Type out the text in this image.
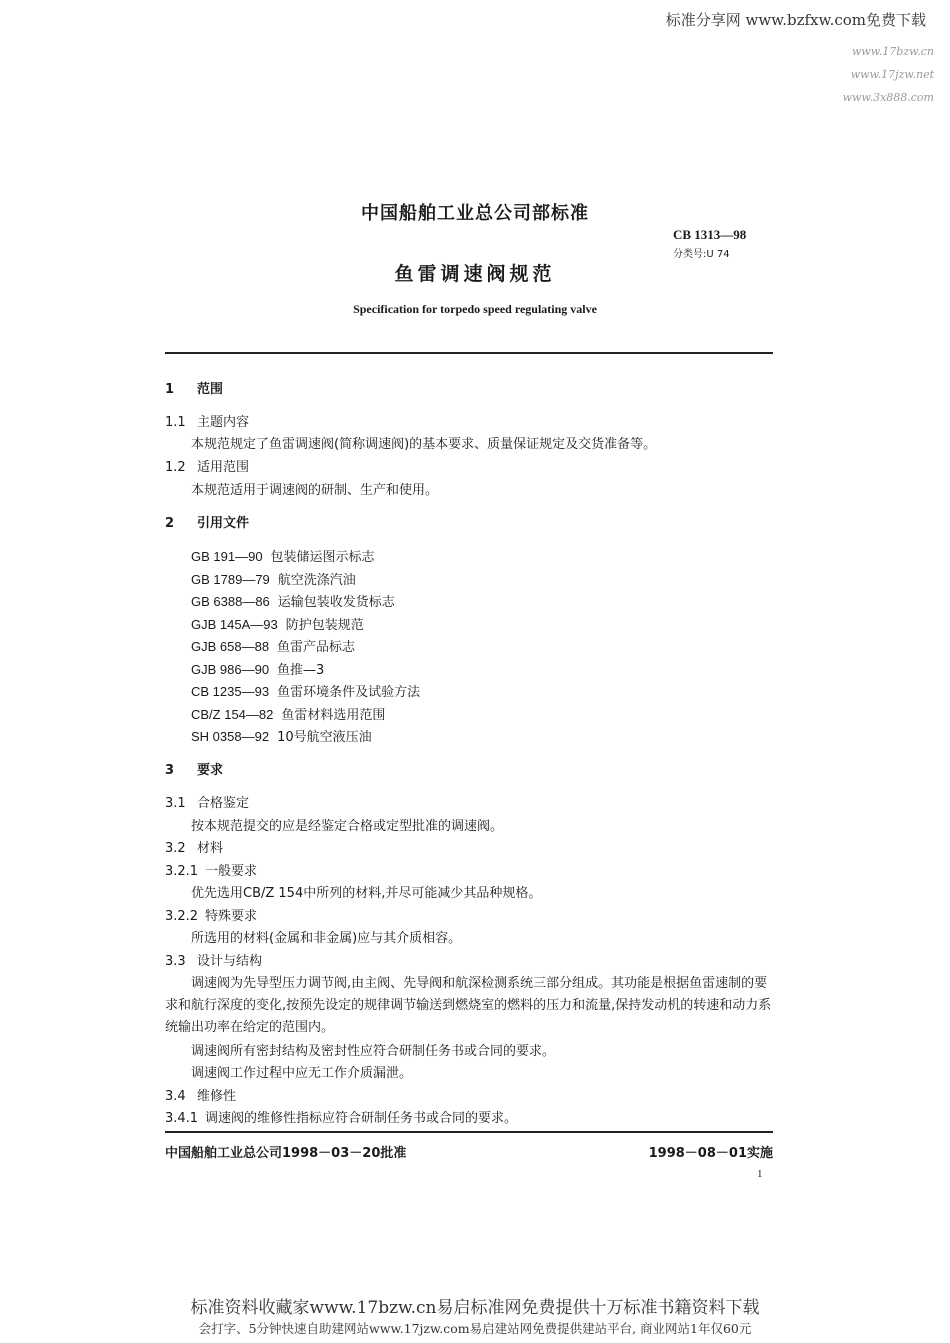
标准分享网 www.bzfxw.com免费下载
www.17bzw.cn
www.17jzw.net
www.3x888.com
中国船舶工业总公司部标准
CB 1313—98
分类号:U 74
鱼雷调速阀规范
Specification for torpedo speed regulating valve
1 范围
1.1 主题内容
本规范规定了鱼雷调速阀(简称调速阀)的基本要求、质量保证规定及交货准备等。
1.2 适用范围
本规范适用于调速阀的研制、生产和使用。
2 引用文件
GB 191—90 包装储运图示标志
GB 1789—79 航空洗涤汽油
GB 6388—86 运输包装收发货标志
GJB 145A—93 防护包装规范
GJB 658—88 鱼雷产品标志
GJB 986—90 鱼推—3
CB 1235—93 鱼雷环境条件及试验方法
CB/Z 154—82 鱼雷材料选用范围
SH 0358—92 10号航空液压油
3 要求
3.1 合格鉴定
按本规范提交的应是经鉴定合格或定型批准的调速阀。
3.2 材料
3.2.1 一般要求
优先选用CB/Z 154中所列的材料,并尽可能减少其品种规格。
3.2.2 特殊要求
所选用的材料(金属和非金属)应与其介质相容。
3.3 设计与结构
调速阀为先导型压力调节阀,由主阀、先导阀和航深检测系统三部分组成。其功能是根据鱼雷速制的要求和航行深度的变化,按预先设定的规律调节输送到燃烧室的燃料的压力和流量,保持发动机的转速和动力系统输出功率在给定的范围内。
调速阀所有密封结构及密封性应符合研制任务书或合同的要求。
调速阀工作过程中应无工作介质漏泄。
3.4 维修性
3.4.1 调速阀的维修性指标应符合研制任务书或合同的要求。
中国船舶工业总公司1998－03－20批准	1998－08－01实施
1
标准资料收藏家www.17bzw.cn易启标准网免费提供十万标准书籍资料下载
会打字、5分钟快速自助建网站www.17jzw.com易启建站网免费提供建站平台, 商业网站1年仅60元
